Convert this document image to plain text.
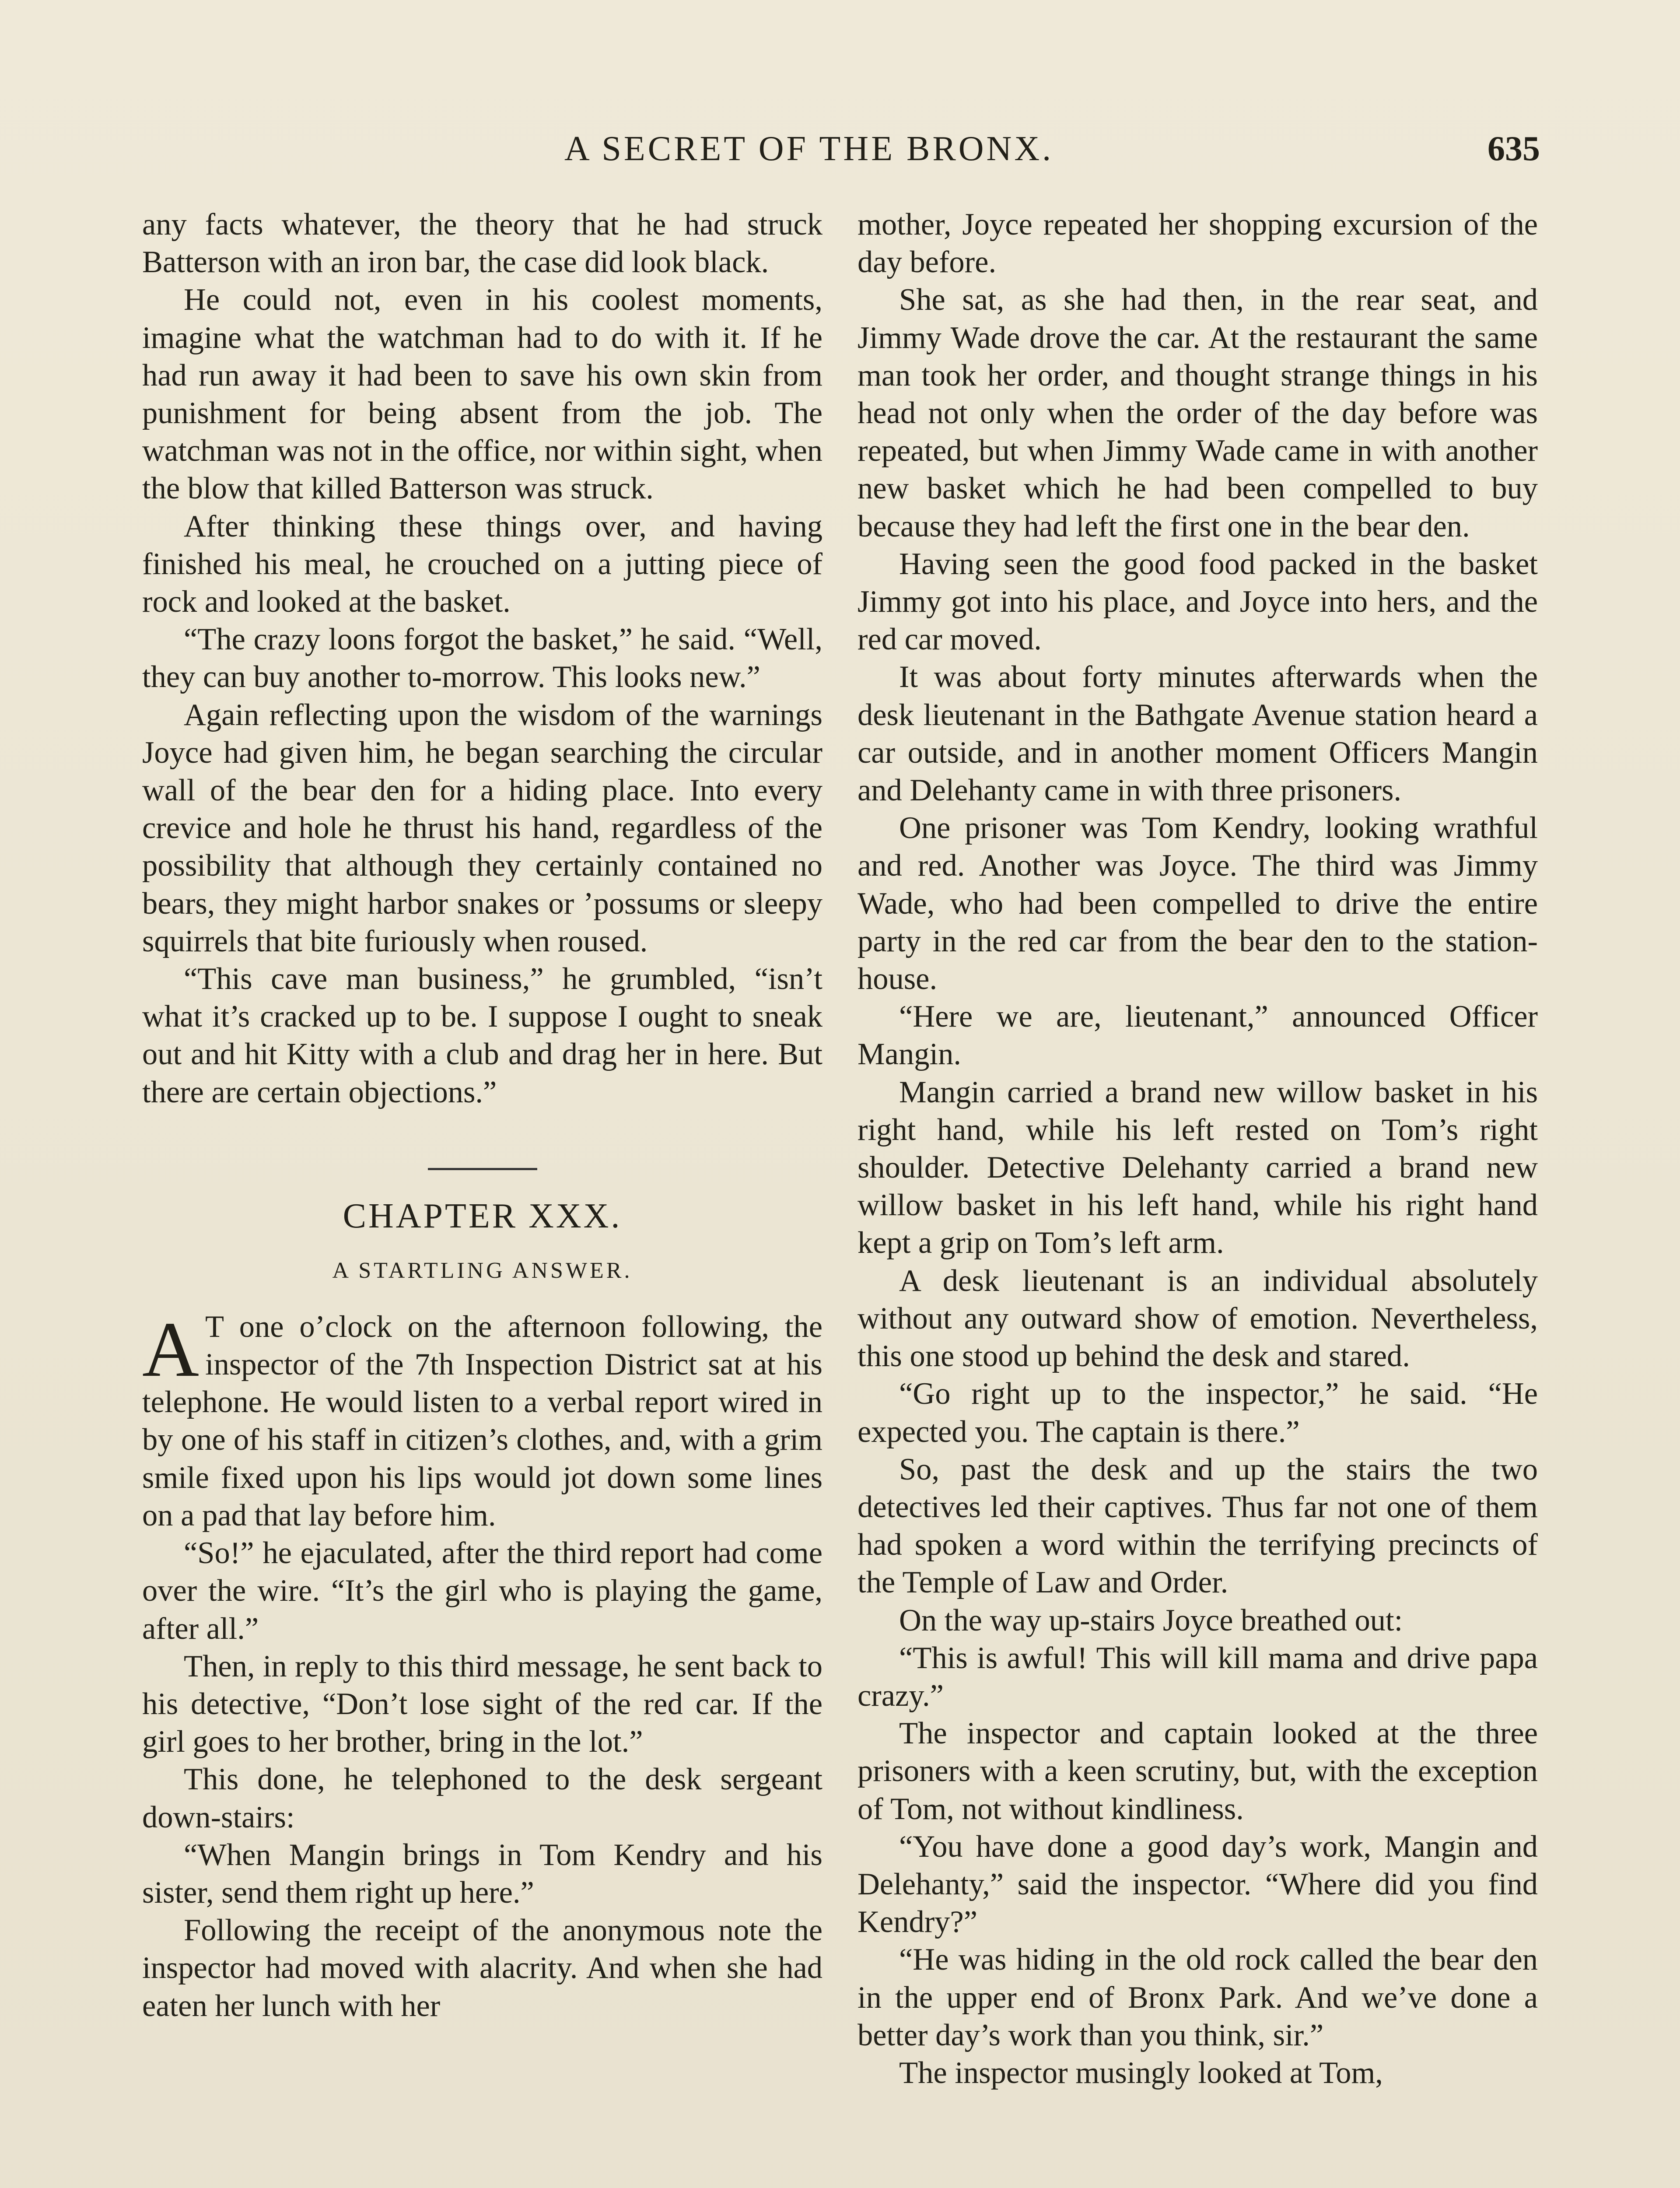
A SECRET OF THE BRONX.	635

any facts whatever, the theory that he had struck Batterson with an iron bar, the case did look black.

He could not, even in his coolest moments, imagine what the watchman had to do with it. If he had run away it had been to save his own skin from punishment for being absent from the job. The watchman was not in the office, nor within sight, when the blow that killed Batterson was struck.

After thinking these things over, and having finished his meal, he crouched on a jutting piece of rock and looked at the basket.

“The crazy loons forgot the basket,” he said. “Well, they can buy another to-morrow. This looks new.”

Again reflecting upon the wisdom of the warnings Joyce had given him, he began searching the circular wall of the bear den for a hiding place. Into every crevice and hole he thrust his hand, regardless of the possibility that although they certainly contained no bears, they might harbor snakes or ’possums or sleepy squirrels that bite furiously when roused.

“This cave man business,” he grumbled, “isn’t what it’s cracked up to be. I suppose I ought to sneak out and hit Kitty with a club and drag her in here. But there are certain objections.”

CHAPTER XXX.
A STARTLING ANSWER.

A T one o’clock on the afternoon following, the inspector of the 7th Inspection District sat at his telephone. He would listen to a verbal report wired in by one of his staff in citizen’s clothes, and, with a grim smile fixed upon his lips would jot down some lines on a pad that lay before him.

“So!” he ejaculated, after the third report had come over the wire. “It’s the girl who is playing the game, after all.”

Then, in reply to this third message, he sent back to his detective, “Don’t lose sight of the red car. If the girl goes to her brother, bring in the lot.”

This done, he telephoned to the desk sergeant down-stairs:

“When Mangin brings in Tom Kendry and his sister, send them right up here.”

Following the receipt of the anonymous note the inspector had moved with alacrity. And when she had eaten her lunch with her

mother, Joyce repeated her shopping excursion of the day before.

She sat, as she had then, in the rear seat, and Jimmy Wade drove the car. At the restaurant the same man took her order, and thought strange things in his head not only when the order of the day before was repeated, but when Jimmy Wade came in with another new basket which he had been compelled to buy because they had left the first one in the bear den.

Having seen the good food packed in the basket Jimmy got into his place, and Joyce into hers, and the red car moved.

It was about forty minutes afterwards when the desk lieutenant in the Bathgate Avenue station heard a car outside, and in another moment Officers Mangin and Delehanty came in with three prisoners.

One prisoner was Tom Kendry, looking wrathful and red. Another was Joyce. The third was Jimmy Wade, who had been compelled to drive the entire party in the red car from the bear den to the station-house.

“Here we are, lieutenant,” announced Officer Mangin.

Mangin carried a brand new willow basket in his right hand, while his left rested on Tom’s right shoulder. Detective Delehanty carried a brand new willow basket in his left hand, while his right hand kept a grip on Tom’s left arm.

A desk lieutenant is an individual absolutely without any outward show of emotion. Nevertheless, this one stood up behind the desk and stared.

“Go right up to the inspector,” he said. “He expected you. The captain is there.”

So, past the desk and up the stairs the two detectives led their captives. Thus far not one of them had spoken a word within the terrifying precincts of the Temple of Law and Order.

On the way up-stairs Joyce breathed out:

“This is awful! This will kill mama and drive papa crazy.”

The inspector and captain looked at the three prisoners with a keen scrutiny, but, with the exception of Tom, not without kindliness.

“You have done a good day’s work, Mangin and Delehanty,” said the inspector. “Where did you find Kendry?”

“He was hiding in the old rock called the bear den in the upper end of Bronx Park. And we’ve done a better day’s work than you think, sir.”

The inspector musingly looked at Tom,
